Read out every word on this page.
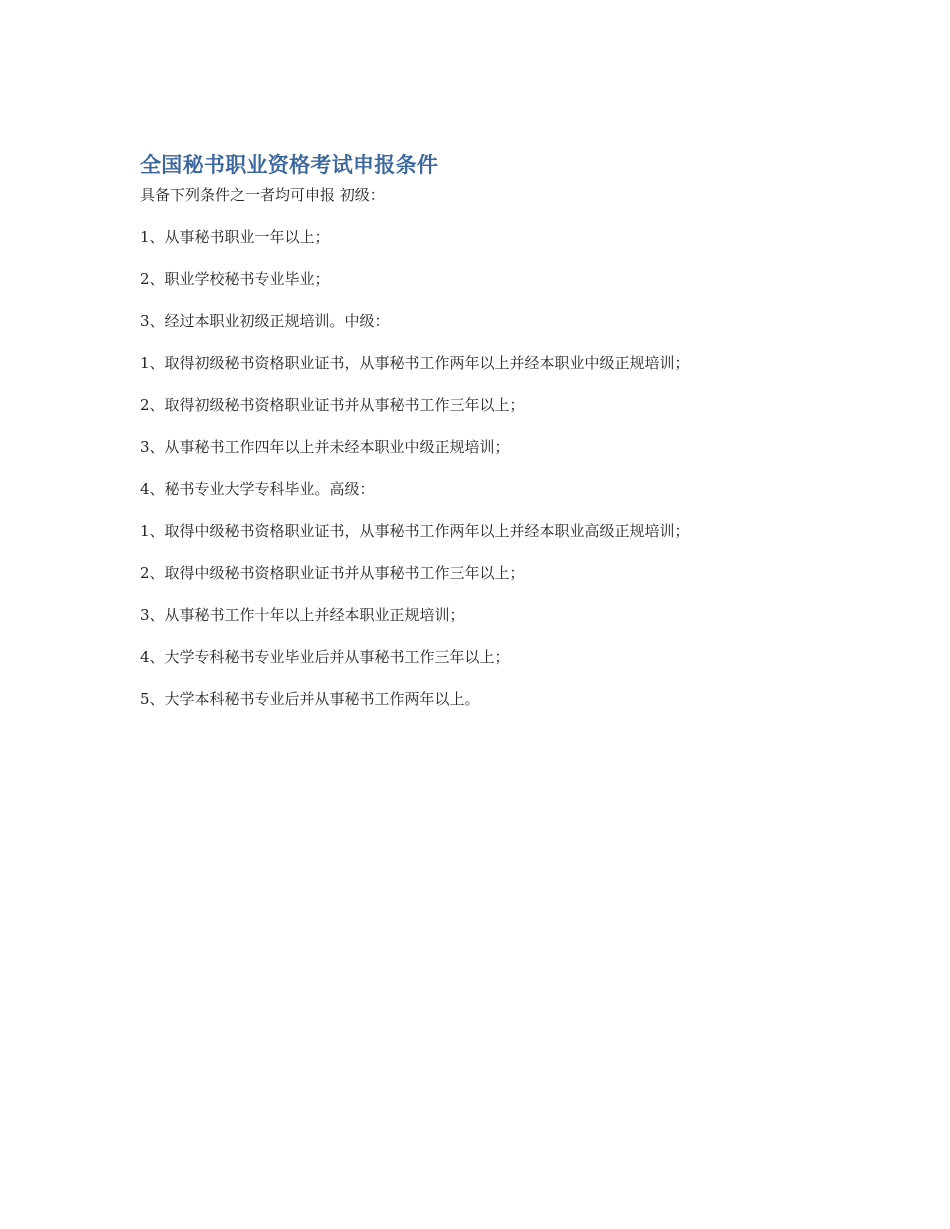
全国秘书职业资格考试申报条件

具备下列条件之一者均可申报 初级：

1、从事秘书职业一年以上；

2、职业学校秘书专业毕业；

3、经过本职业初级正规培训。中级：

1、取得初级秘书资格职业证书，从事秘书工作两年以上并经本职业中级正规培训；

2、取得初级秘书资格职业证书并从事秘书工作三年以上；

3、从事秘书工作四年以上并未经本职业中级正规培训；

4、秘书专业大学专科毕业。高级：

1、取得中级秘书资格职业证书，从事秘书工作两年以上并经本职业高级正规培训；

2、取得中级秘书资格职业证书并从事秘书工作三年以上；

3、从事秘书工作十年以上并经本职业正规培训；

4、大学专科秘书专业毕业后并从事秘书工作三年以上；

5、大学本科秘书专业后并从事秘书工作两年以上。
